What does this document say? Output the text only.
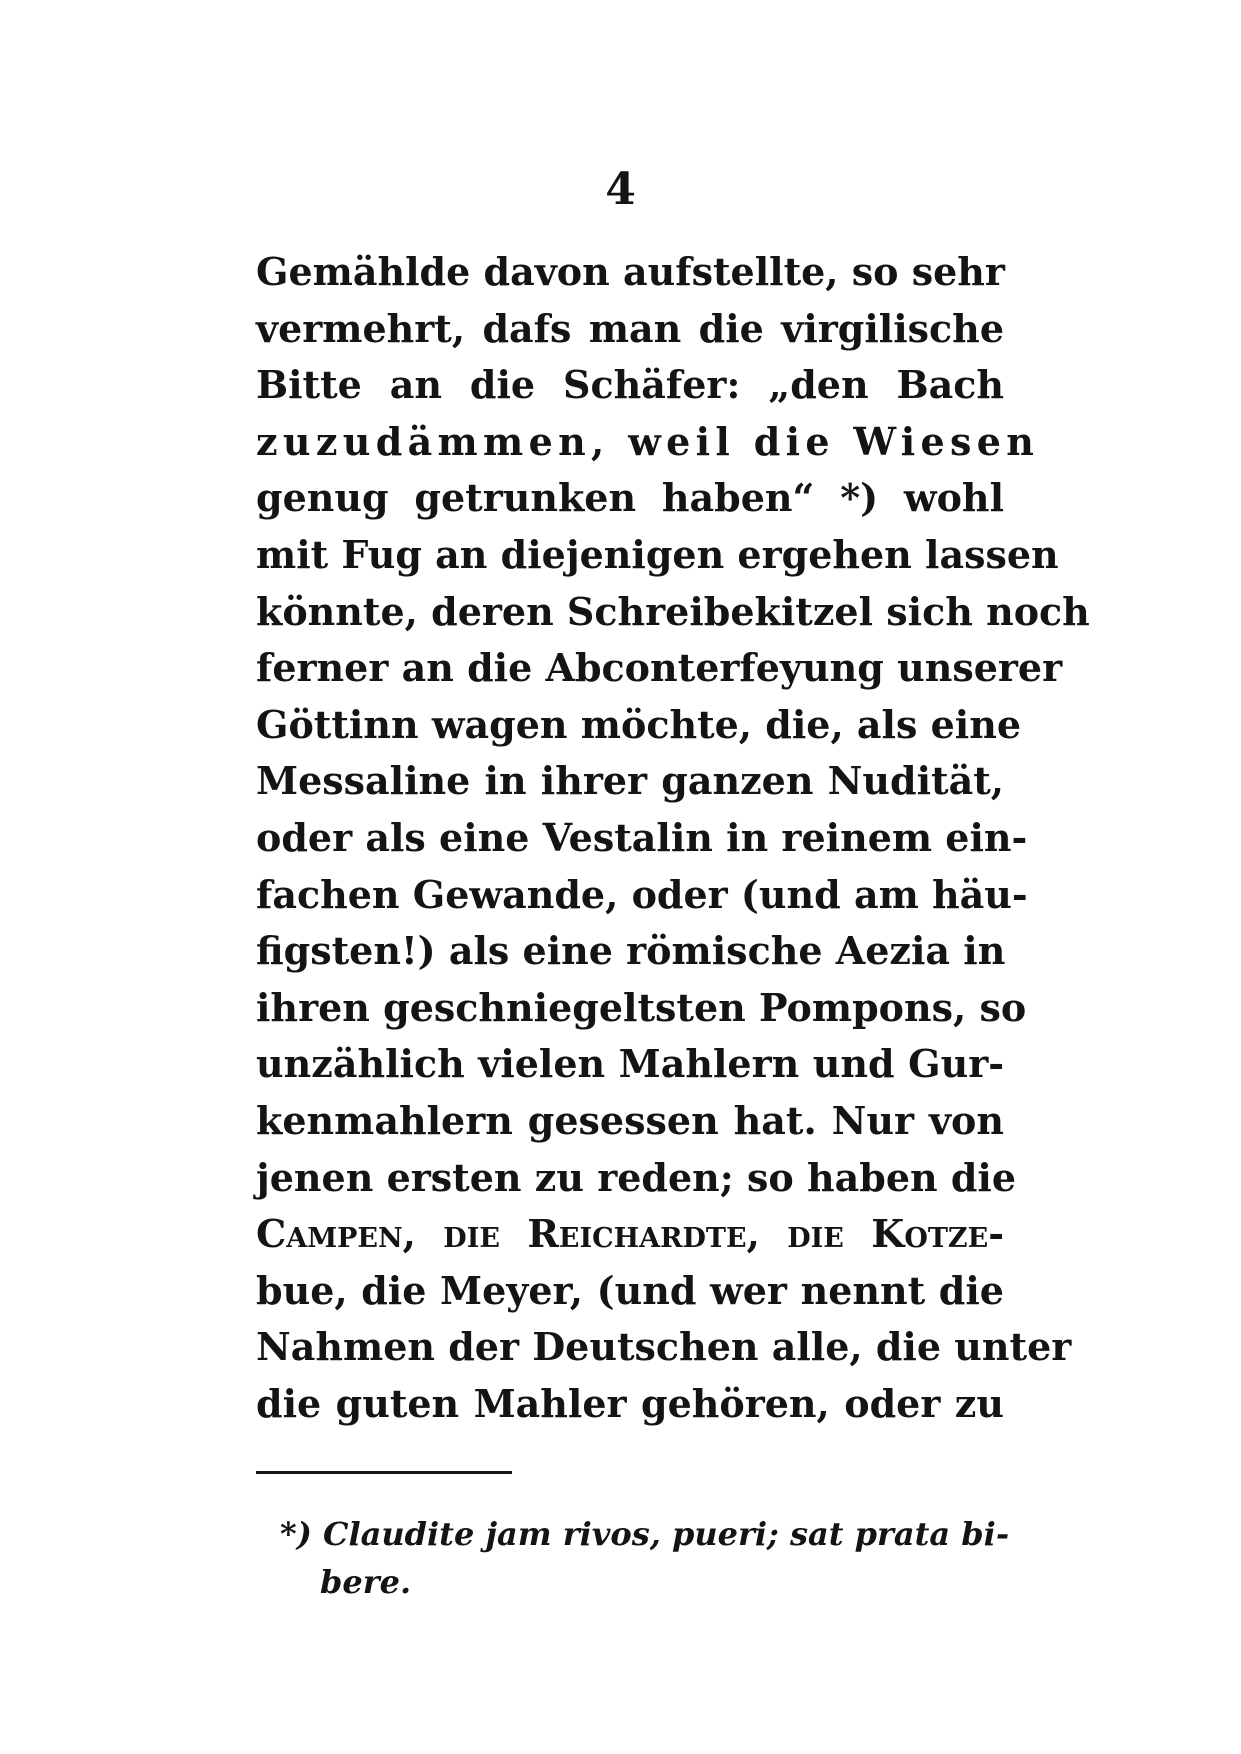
4
Gemählde davon aufstellte, so sehr
vermehrt, dafs man die virgilische
Bitte an die Schäfer: „den Bach
zuzudämmen, weil die Wiesen
genug getrunken haben“ *) wohl
mit Fug an diejenigen ergehen lassen
könnte, deren Schreibekitzel sich noch
ferner an die Abconterfeyung unserer
Göttinn wagen möchte, die, als eine
Messaline in ihrer ganzen Nudität,
oder als eine Vestalin in reinem ein-
fachen Gewande, oder (und am häu-
figsten!) als eine römische Aezia in
ihren geschniegeltsten Pompons, so
unzählich vielen Mahlern und Gur-
kenmahlern gesessen hat. Nur von
jenen ersten zu reden; so haben die
Campen, die Reichardte, die Kotze-
bue, die Meyer, (und wer nennt die
Nahmen der Deutschen alle, die unter
die guten Mahler gehören, oder zu
*) Claudite jam rivos, pueri; sat prata bi-
bere.
